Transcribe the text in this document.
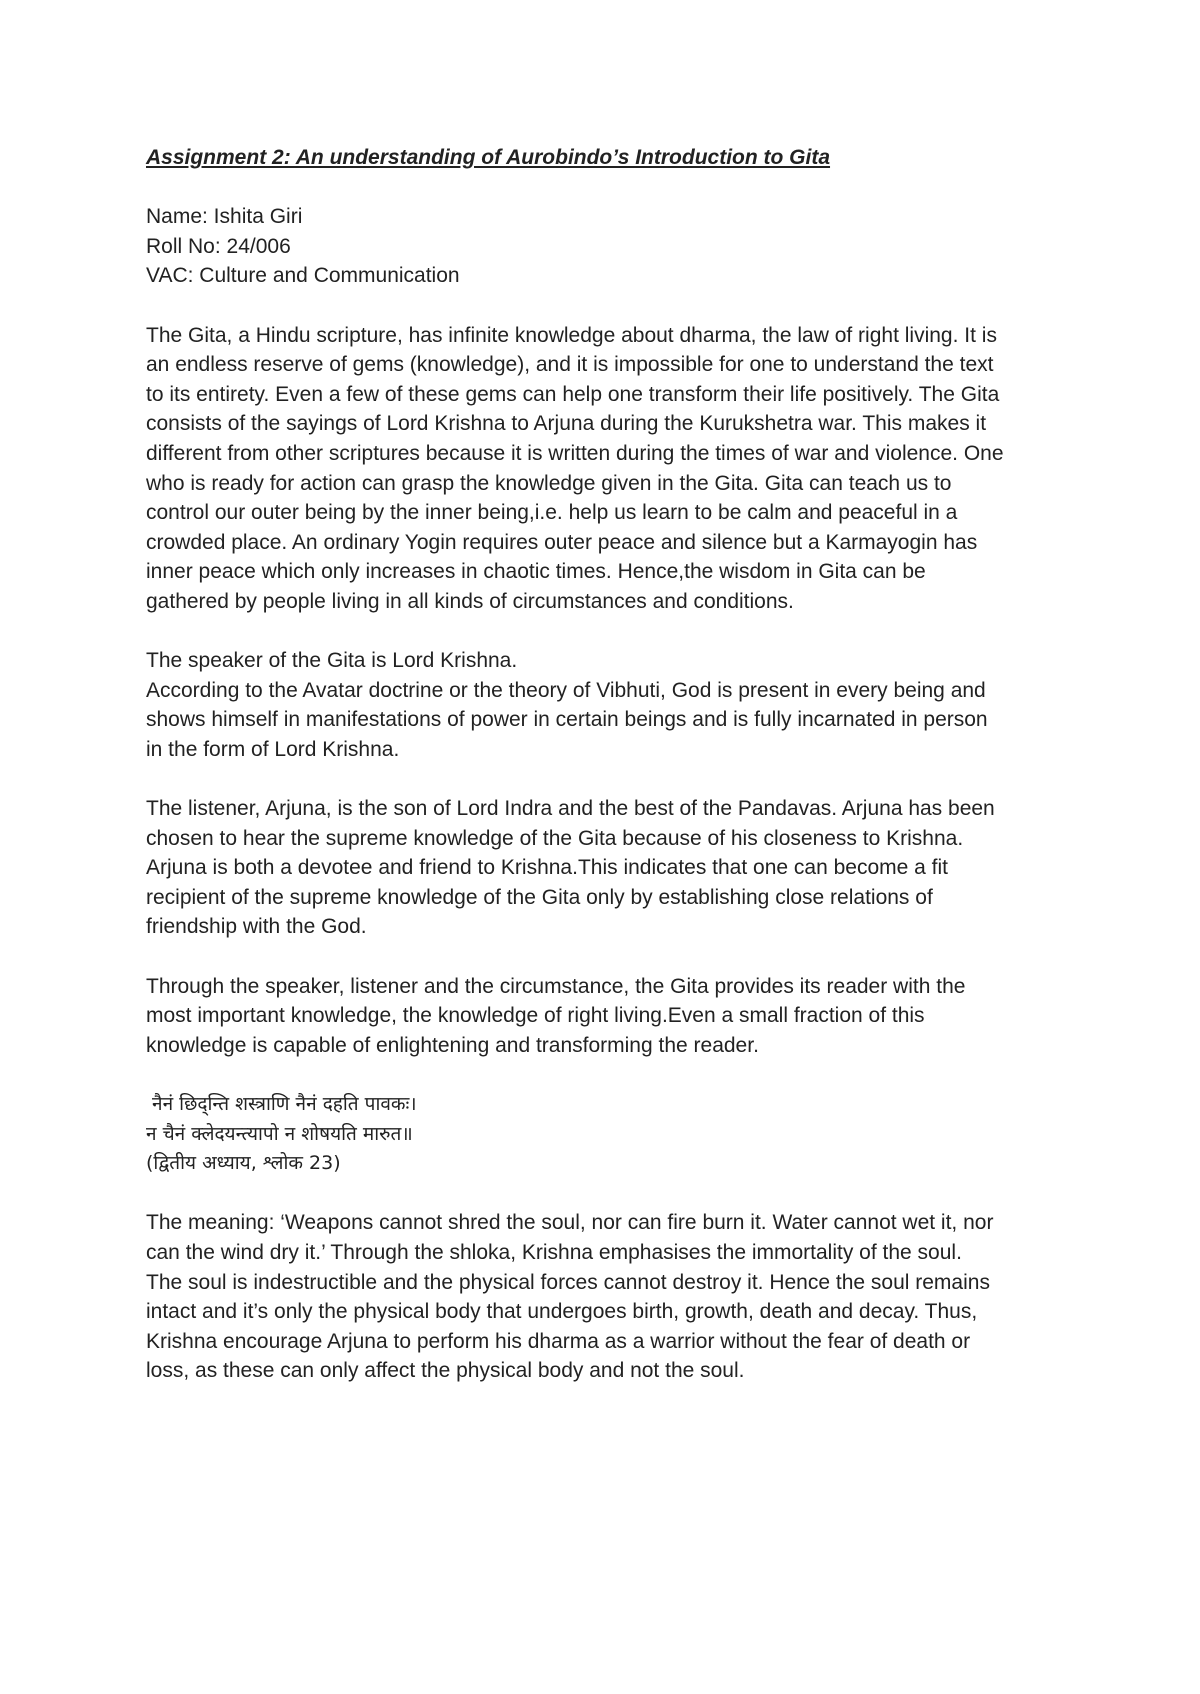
Assignment 2: An understanding of Aurobindo’s Introduction to Gita
Name: Ishita Giri
Roll No: 24/006
VAC: Culture and Communication
The Gita, a Hindu scripture, has infinite knowledge about dharma, the law of right living. It is
an endless reserve of gems (knowledge), and it is impossible for one to understand the text
to its entirety. Even a few of these gems can help one transform their life positively. The Gita
consists of the sayings of Lord Krishna to Arjuna during the Kurukshetra war. This makes it
different from other scriptures because it is written during the times of war and violence. One
who is ready for action can grasp the knowledge given in the Gita. Gita can teach us to
control our outer being by the inner being,i.e. help us learn to be calm and peaceful in a
crowded place. An ordinary Yogin requires outer peace and silence but a Karmayogin has
inner peace which only increases in chaotic times. Hence,the wisdom in Gita can be
gathered by people living in all kinds of circumstances and conditions.
The speaker of the Gita is Lord Krishna.
According to the Avatar doctrine or the theory of Vibhuti, God is present in every being and
shows himself in manifestations of power in certain beings and is fully incarnated in person
in the form of Lord Krishna.
The listener, Arjuna, is the son of Lord Indra and the best of the Pandavas. Arjuna has been
chosen to hear the supreme knowledge of the Gita because of his closeness to Krishna.
Arjuna is both a devotee and friend to Krishna.This indicates that one can become a fit
recipient of the supreme knowledge of the Gita only by establishing close relations of
friendship with the God.
Through the speaker, listener and the circumstance, the Gita provides its reader with the
most important knowledge, the knowledge of right living.Even a small fraction of this
knowledge is capable of enlightening and transforming the reader.
नैनं छिद्न्ति शस्त्राणि नैनं दहति पावकः।
न चैनं क्लेदयन्त्यापो न शोषयति मारुत॥
(द्वितीय अध्याय, श्लोक 23)
The meaning: ‘Weapons cannot shred the soul, nor can fire burn it. Water cannot wet it, nor
can the wind dry it.’ Through the shloka, Krishna emphasises the immortality of the soul.
The soul is indestructible and the physical forces cannot destroy it. Hence the soul remains
intact and it’s only the physical body that undergoes birth, growth, death and decay. Thus,
Krishna encourage Arjuna to perform his dharma as a warrior without the fear of death or
loss, as these can only affect the physical body and not the soul.
